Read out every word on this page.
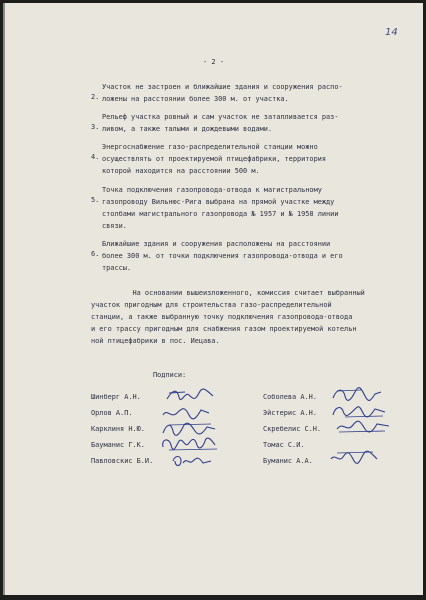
14
- 2 -

2.

Участок не застроен и ближайшие здания и сооружения распо-

ложены на расстоянии более 300 м. от участка.

3.

Рельеф участка ровный и сам участок не затапливается раз-

ливом, а также талыми и дождевыми водами.

4.

Энергоснабжение газо-распределительной станции можно

осуществлять от проектируемой птицефабрики, территория

которой находится на расстоянии 500 м.

5.

Точка подключения газопровода-отвода к магистральному

газопроводу Вильнюс-Рига выбрана на прямой участке между

столбами магистрального газопровода № 1957 и № 1958 линии

связи.

6.

Ближайшие здания и сооружения расположены на расстоянии

более 300 м. от точки подключения газопровода-отвода и его

трассы.

На основании вышеизложенного, комиссия считает выбранный
участок пригодным для строительства газо-распределительной
станции, а также выбранную точку подключения газопровода-отвода
и его трассу пригодным для снабжения газом проектируемой котельн
ной птицефабрики в пос. Иецава.
Подписи:
Шинберг А.Н.
Орлов А.П.
Карклиня Н.Ю.
Бауманис Г.К.
Павловскис Б.И.
Соболева А.Н.
Эйстерис А.Н.
Скребелис С.Н.
Томас С.И.
Буманис А.А.
